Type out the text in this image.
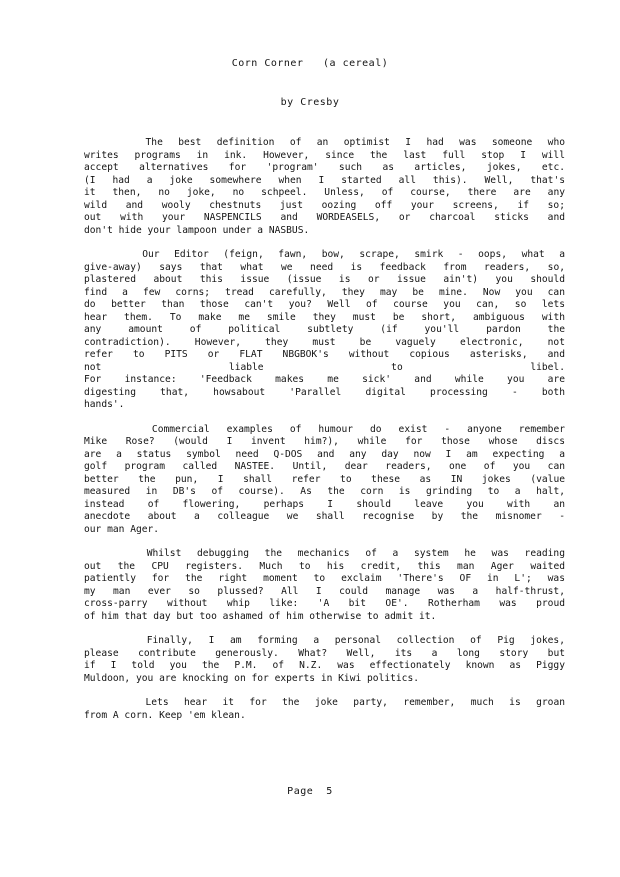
Corn Corner   (a cereal)
by Cresby
The best definition of an optimist I had was someone who
writes programs in ink. However, since the last full stop I will
accept alternatives for 'program' such as articles, jokes, etc.
(I had a joke somewhere when I started all this). Well, that's
it then, no joke, no schpeel. Unless, of course, there are any
wild and wooly chestnuts just oozing off your screens, if so;
out with your NASPENCILS and WORDEASELS, or charcoal sticks and
don't hide your lampoon under a NASBUS.
Our Editor (feign, fawn, bow, scrape, smirk - oops, what a
give-away) says that what we need is feedback from readers, so,
plastered about this issue (issue is or issue ain't) you should
find a few corns; tread carefully, they may be mine. Now you can
do better than those can't you? Well of course you can, so lets
hear them. To make me smile they must be short, ambiguous with
any amount of political subtlety (if you'll pardon the
contradiction). However, they must be vaguely electronic, not
refer to PITS or FLAT NBGBOK's without copious asterisks, and
not liable to libel.
For instance: 'Feedback makes me sick' and while you are
digesting that, howsabout 'Parallel digital processing - both
hands'.
Commercial examples of humour do exist - anyone remember
Mike Rose? (would I invent him?), while for those whose discs
are a status symbol need Q-DOS and any day now I am expecting a
golf program called NASTEE. Until, dear readers, one of you can
better the pun, I shall refer to these as IN jokes (value
measured in DB's of course). As the corn is grinding to a halt,
instead of flowering, perhaps I should leave you with an
anecdote about a colleague we shall recognise by the misnomer -
our man Ager.
Whilst debugging the mechanics of a system he was reading
out the CPU registers. Much to his credit, this man Ager waited
patiently for the right moment to exclaim 'There's OF in L'; was
my man ever so plussed? All I could manage was a half-thrust,
cross-parry without whip like: 'A bit OE'. Rotherham was proud
of him that day but too ashamed of him otherwise to admit it.
Finally, I am forming a personal collection of Pig jokes,
please contribute generously. What? Well, its a long story but
if I told you the P.M. of N.Z. was effectionately known as Piggy
Muldoon, you are knocking on for experts in Kiwi politics.
Lets hear it for the joke party, remember, much is groan
from A corn. Keep 'em klean.
Page  5
